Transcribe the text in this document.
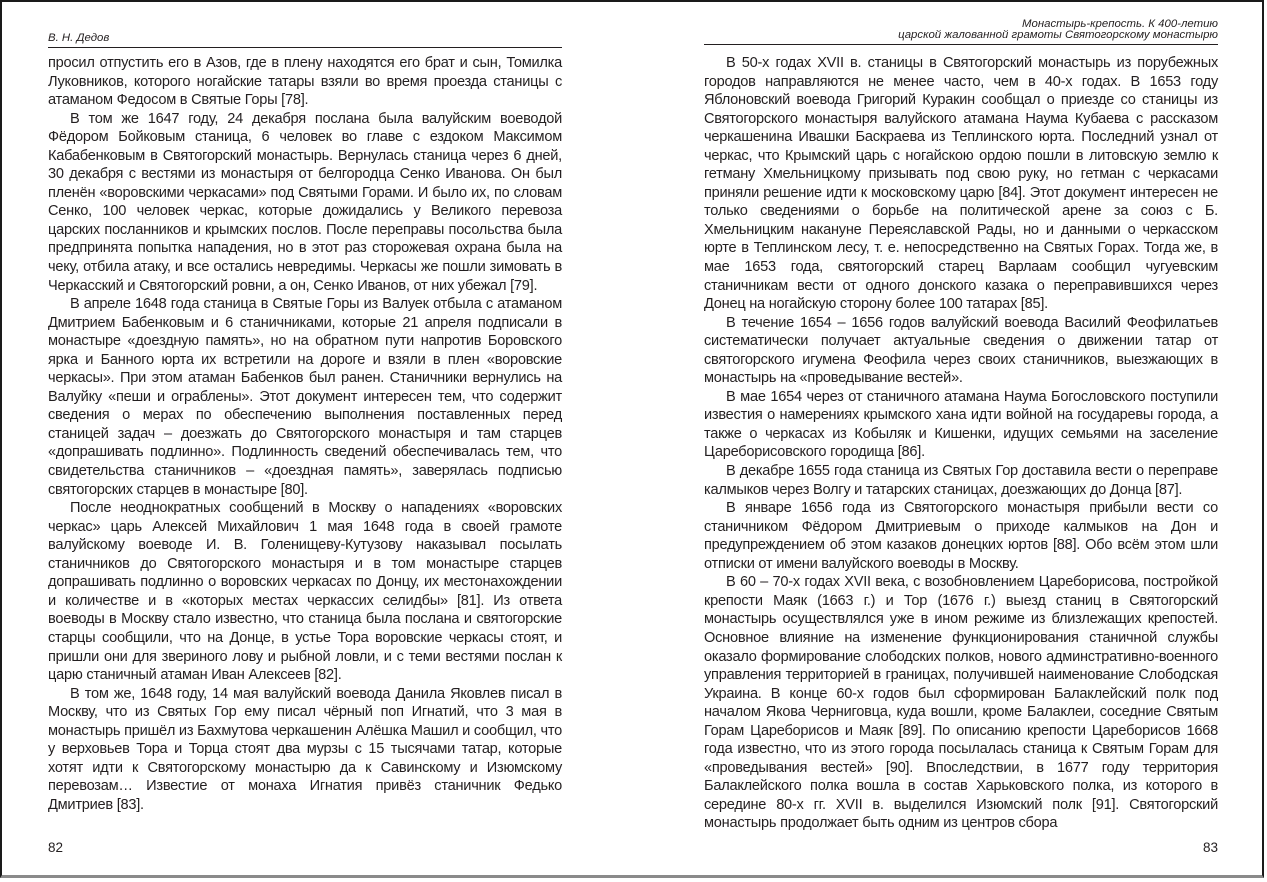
В. Н. Дедов

просил отпустить его в Азов, где в плену находятся его брат и сын, Томилка Луковников, которого ногайские татары взяли во время проезда станицы с атаманом Федосом в Святые Горы [78].

В том же 1647 году, 24 декабря послана была валуйским воеводой Фёдором Бойковым станица, 6 человек во главе с ездоком Максимом Кабабенковым в Святогорский монастырь. Вернулась станица через 6 дней, 30 декабря с вестями из монастыря от белгородца Сенко Иванова. Он был пленён «воровскими черкасами» под Святыми Горами. И было их, по словам Сенко, 100 человек черкас, которые дожидались у Великого перевоза царских посланников и крымских послов. После переправы посольства была предпринята попытка нападения, но в этот раз сторожевая охрана была на чеку, отбила атаку, и все остались невредимы. Черкасы же пошли зимовать в Черкасский и Святогорский ровни, а он, Сенко Иванов, от них убежал [79].

В апреле 1648 года станица в Святые Горы из Валуек отбыла с атаманом Дмитрием Бабенковым и 6 станичниками, которые 21 апреля подписали в монастыре «доездную память», но на обратном пути напротив Боровского ярка и Банного юрта их встретили на дороге и взяли в плен «воровские черкасы». При этом атаман Бабенков был ранен. Станичники вернулись на Валуйку «пеши и ограблены». Этот документ интересен тем, что содержит сведения о мерах по обеспечению выполнения поставленных перед станицей задач – доезжать до Святогорского монастыря и там старцев «допрашивать подлинно». Подлинность сведений обеспечивалась тем, что свидетельства станичников – «доездная память», заверялась подписью святогорских старцев в монастыре [80].

После неоднократных сообщений в Москву о нападениях «воровских черкас» царь Алексей Михайлович 1 мая 1648 года в своей грамоте валуйскому воеводе И. В. Голенищеву-Кутузову наказывал посылать станичников до Святогорского монастыря и в том монастыре старцев допрашивать подлинно о воровских черкасах по Донцу, их местонахождении и количестве и в «которых местах черкассих селидбы» [81]. Из ответа воеводы в Москву стало известно, что станица была послана и святогорские старцы сообщили, что на Донце, в устье Тора воровские черкасы стоят, и пришли они для звериного лову и рыбной ловли, и с теми вестями послан к царю станичный атаман Иван Алексеев [82].

В том же, 1648 году, 14 мая валуйский воевода Данила Яковлев писал в Москву, что из Святых Гор ему писал чёрный поп Игнатий, что 3 мая в монастырь пришёл из Бахмутова черкашенин Алёшка Машил и сообщил, что у верховьев Тора и Торца стоят два мурзы с 15 тысячами татар, которые хотят идти к Святогорскому монастырю да к Савинскому и Изюмскому перевозам… Известие от монаха Игнатия привёз станичник Федько Дмитриев [83].

82
Монастырь-крепость. К 400-летию
царской жалованной грамоты Святогорскому монастырю

В 50-х годах XVII в. станицы в Святогорский монастырь из порубежных городов направляются не менее часто, чем в 40-х годах. В 1653 году Яблоновский воевода Григорий Куракин сообщал о приезде со станицы из Святогорского монастыря валуйского атамана Наума Кубаева с рассказом черкашенина Ивашки Баскраева из Теплинского юрта. Последний узнал от черкас, что Крымский царь с ногайскою ордою пошли в литовскую землю к гетману Хмельницкому призывать под свою руку, но гетман с черкасами приняли решение идти к московскому царю [84]. Этот документ интересен не только сведениями о борьбе на политической арене за союз с Б. Хмельницким накануне Переяславской Рады, но и данными о черкасском юрте в Теплинском лесу, т. е. непосредственно на Святых Горах. Тогда же, в мае 1653 года, святогорский старец Варлаам сообщил чугуевским станичникам вести от одного донского казака о переправившихся через Донец на ногайскую сторону более 100 татарах [85].

В течение 1654 – 1656 годов валуйский воевода Василий Феофилатьев систематически получает актуальные сведения о движении татар от святогорского игумена Феофила через своих станичников, выезжающих в монастырь на «проведывание вестей».

В мае 1654 через от станичного атамана Наума Богословского поступили известия о намерениях крымского хана идти войной на государевы города, а также о черкасах из Кобыляк и Кишенки, идущих семьями на заселение Цареборисовского городища [86].

В декабре 1655 года станица из Святых Гор доставила вести о переправе калмыков через Волгу и татарских станицах, доезжающих до Донца [87].

В январе 1656 года из Святогорского монастыря прибыли вести со станичником Фёдором Дмитриевым о приходе калмыков на Дон и предупреждением об этом казаков донецких юртов [88]. Обо всём этом шли отписки от имени валуйского воеводы в Москву.

В 60 – 70-х годах XVII века, с возобновлением Цареборисова, постройкой крепости Маяк (1663 г.) и Тор (1676 г.) выезд станиц в Святогорский монастырь осуществлялся уже в ином режиме из близлежащих крепостей. Основное влияние на изменение функционирования станичной службы оказало формирование слободских полков, нового админстративно-военного управления территорией в границах, получившей наименование Слободская Украина. В конце 60-х годов был сформирован Балаклейский полк под началом Якова Черниговца, куда вошли, кроме Балаклеи, соседние Святым Горам Цареборисов и Маяк [89]. По описанию крепости Цареборисов 1668 года известно, что из этого города посылалась станица к Святым Горам для «проведывания вестей» [90]. Впоследствии, в 1677 году территория Балаклейского полка вошла в состав Харьковского полка, из которого в середине 80-х гг. XVII в. выделился Изюмский полк [91]. Святогорский монастырь продолжает быть одним из центров сбора

83
